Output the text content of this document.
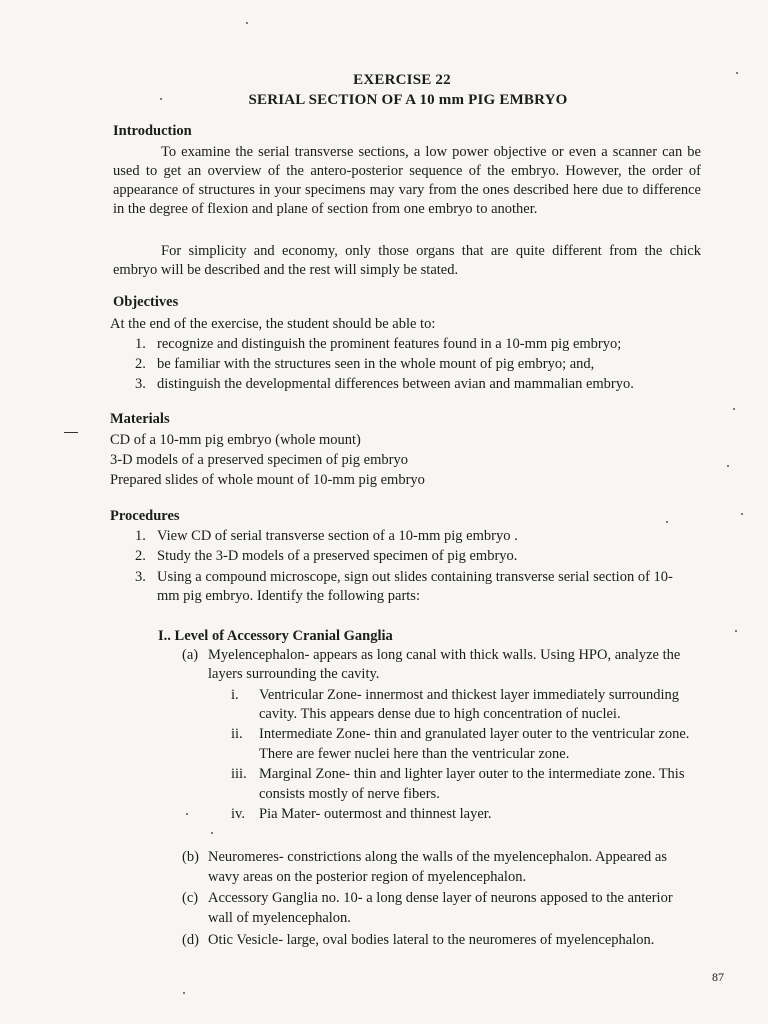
EXERCISE 22
SERIAL SECTION OF A 10 mm PIG EMBRYO
Introduction
To examine the serial transverse sections, a low power objective or even a scanner can be used to get an overview of the antero-posterior sequence of the embryo. However, the order of appearance of structures in your specimens may vary from the ones described here due to difference in the degree of flexion and plane of section from one embryo to another.
For simplicity and economy, only those organs that are quite different from the chick embryo will be described and the rest will simply be stated.
Objectives
At the end of the exercise, the student should be able to:
1. recognize and distinguish the prominent features found in a 10-mm pig embryo;
2. be familiar with the structures seen in the whole mount of pig embryo; and,
3. distinguish the developmental differences between avian and mammalian embryo.
Materials
CD of a 10-mm pig embryo (whole mount)
3-D models of a preserved specimen of pig embryo
Prepared slides of whole mount of 10-mm pig embryo
Procedures
1. View CD of serial transverse section of a 10-mm pig embryo .
2. Study the 3-D models of a preserved specimen of pig embryo.
3. Using a compound microscope, sign out slides containing transverse serial section of 10-
mm pig embryo. Identify the following parts:
I.. Level of Accessory Cranial Ganglia
(a) Myelencephalon- appears as long canal with thick walls. Using HPO, analyze the
layers surrounding the cavity.
i. Ventricular Zone- innermost and thickest layer immediately surrounding
cavity. This appears dense due to high concentration of nuclei.
ii. Intermediate Zone- thin and granulated layer outer to the ventricular zone.
There are fewer nuclei here than the ventricular zone.
iii. Marginal Zone- thin and lighter layer outer to the intermediate zone. This
consists mostly of nerve fibers.
iv. Pia Mater- outermost and thinnest layer.
(b) Neuromeres- constrictions along the walls of the myelencephalon. Appeared as
wavy areas on the posterior region of myelencephalon.
(c) Accessory Ganglia no. 10- a long dense layer of neurons apposed to the anterior
wall of myelencephalon.
(d) Otic Vesicle- large, oval bodies lateral to the neuromeres of myelencephalon.
87
